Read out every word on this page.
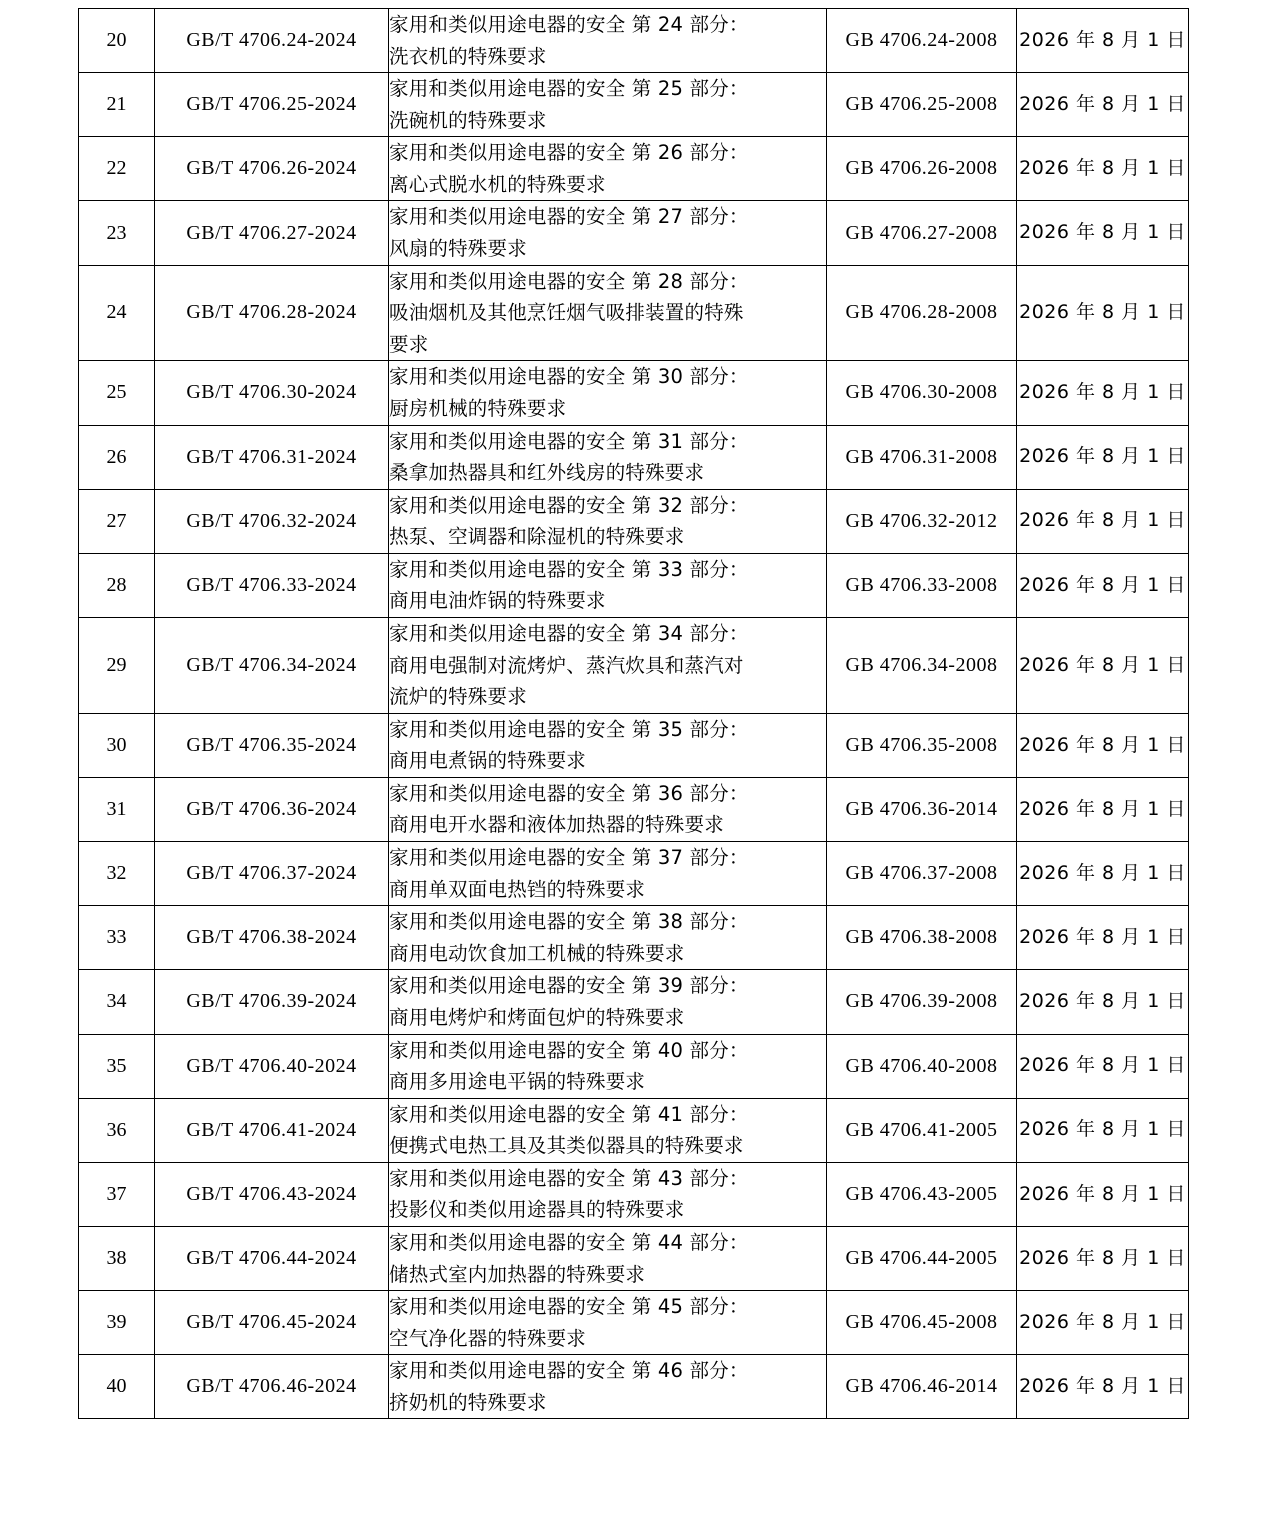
20	GB/T 4706.24-2024	家用和类似用途电器的安全 第 24 部分：
洗衣机的特殊要求	GB 4706.24-2008	2026 年 8 月 1 日
21	GB/T 4706.25-2024	家用和类似用途电器的安全 第 25 部分：
洗碗机的特殊要求	GB 4706.25-2008	2026 年 8 月 1 日
22	GB/T 4706.26-2024	家用和类似用途电器的安全 第 26 部分：
离心式脱水机的特殊要求	GB 4706.26-2008	2026 年 8 月 1 日
23	GB/T 4706.27-2024	家用和类似用途电器的安全 第 27 部分：
风扇的特殊要求	GB 4706.27-2008	2026 年 8 月 1 日
24	GB/T 4706.28-2024	家用和类似用途电器的安全 第 28 部分：
吸油烟机及其他烹饪烟气吸排装置的特殊
要求	GB 4706.28-2008	2026 年 8 月 1 日
25	GB/T 4706.30-2024	家用和类似用途电器的安全 第 30 部分：
厨房机械的特殊要求	GB 4706.30-2008	2026 年 8 月 1 日
26	GB/T 4706.31-2024	家用和类似用途电器的安全 第 31 部分：
桑拿加热器具和红外线房的特殊要求	GB 4706.31-2008	2026 年 8 月 1 日
27	GB/T 4706.32-2024	家用和类似用途电器的安全 第 32 部分：
热泵、空调器和除湿机的特殊要求	GB 4706.32-2012	2026 年 8 月 1 日
28	GB/T 4706.33-2024	家用和类似用途电器的安全 第 33 部分：
商用电油炸锅的特殊要求	GB 4706.33-2008	2026 年 8 月 1 日
29	GB/T 4706.34-2024	家用和类似用途电器的安全 第 34 部分：
商用电强制对流烤炉、蒸汽炊具和蒸汽对
流炉的特殊要求	GB 4706.34-2008	2026 年 8 月 1 日
30	GB/T 4706.35-2024	家用和类似用途电器的安全 第 35 部分：
商用电煮锅的特殊要求	GB 4706.35-2008	2026 年 8 月 1 日
31	GB/T 4706.36-2024	家用和类似用途电器的安全 第 36 部分：
商用电开水器和液体加热器的特殊要求	GB 4706.36-2014	2026 年 8 月 1 日
32	GB/T 4706.37-2024	家用和类似用途电器的安全 第 37 部分：
商用单双面电热铛的特殊要求	GB 4706.37-2008	2026 年 8 月 1 日
33	GB/T 4706.38-2024	家用和类似用途电器的安全 第 38 部分：
商用电动饮食加工机械的特殊要求	GB 4706.38-2008	2026 年 8 月 1 日
34	GB/T 4706.39-2024	家用和类似用途电器的安全 第 39 部分：
商用电烤炉和烤面包炉的特殊要求	GB 4706.39-2008	2026 年 8 月 1 日
35	GB/T 4706.40-2024	家用和类似用途电器的安全 第 40 部分：
商用多用途电平锅的特殊要求	GB 4706.40-2008	2026 年 8 月 1 日
36	GB/T 4706.41-2024	家用和类似用途电器的安全 第 41 部分：
便携式电热工具及其类似器具的特殊要求	GB 4706.41-2005	2026 年 8 月 1 日
37	GB/T 4706.43-2024	家用和类似用途电器的安全 第 43 部分：
投影仪和类似用途器具的特殊要求	GB 4706.43-2005	2026 年 8 月 1 日
38	GB/T 4706.44-2024	家用和类似用途电器的安全 第 44 部分：
储热式室内加热器的特殊要求	GB 4706.44-2005	2026 年 8 月 1 日
39	GB/T 4706.45-2024	家用和类似用途电器的安全 第 45 部分：
空气净化器的特殊要求	GB 4706.45-2008	2026 年 8 月 1 日
40	GB/T 4706.46-2024	家用和类似用途电器的安全 第 46 部分：
挤奶机的特殊要求	GB 4706.46-2014	2026 年 8 月 1 日
